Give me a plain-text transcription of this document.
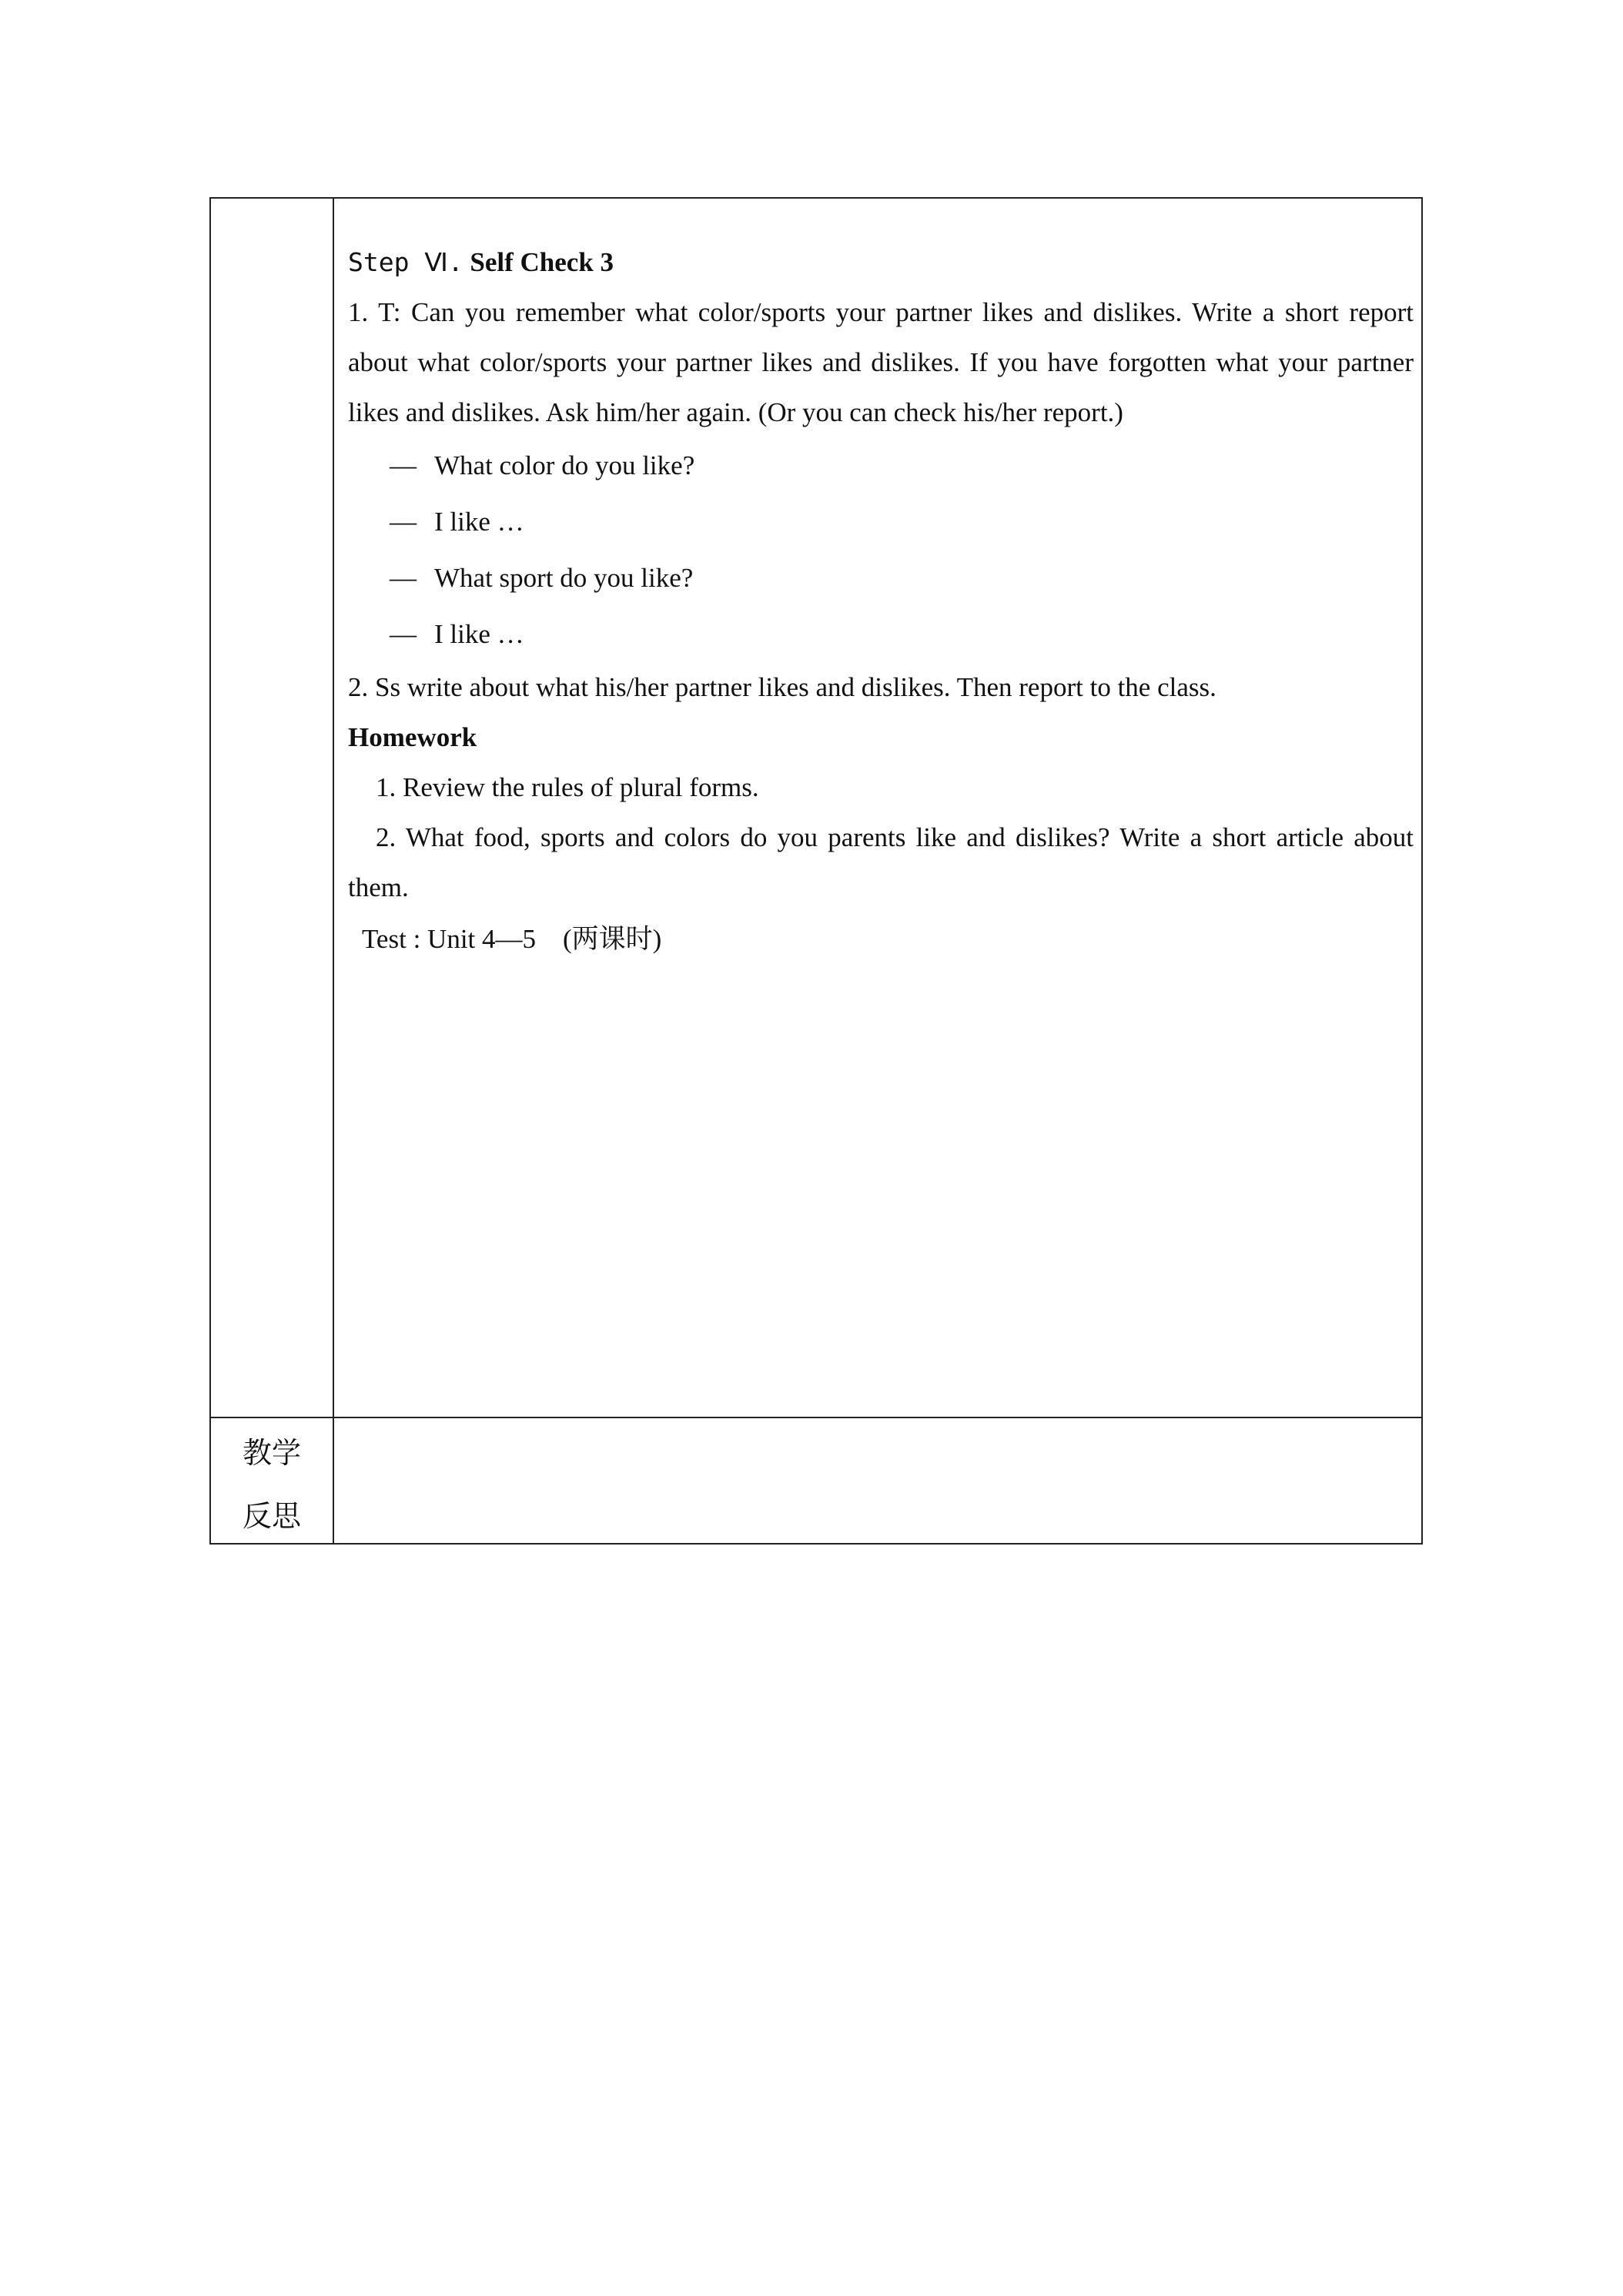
Step Ⅵ. Self Check 3

1. T: Can you remember what color/sports your partner likes and dislikes. Write a short report about what color/sports your partner likes and dislikes. If you have forgotten what your partner likes and dislikes. Ask him/her again. (Or you can check his/her report.)

— What color do you like?

— I like …

— What sport do you like?

— I like …

2. Ss write about what his/her partner likes and dislikes. Then report to the class.

Homework

1. Review the rules of plural forms.

2. What food, sports and colors do you parents like and dislikes? Write a short article about them.

Test : Unit 4—5　(两课时)

教学
反思
